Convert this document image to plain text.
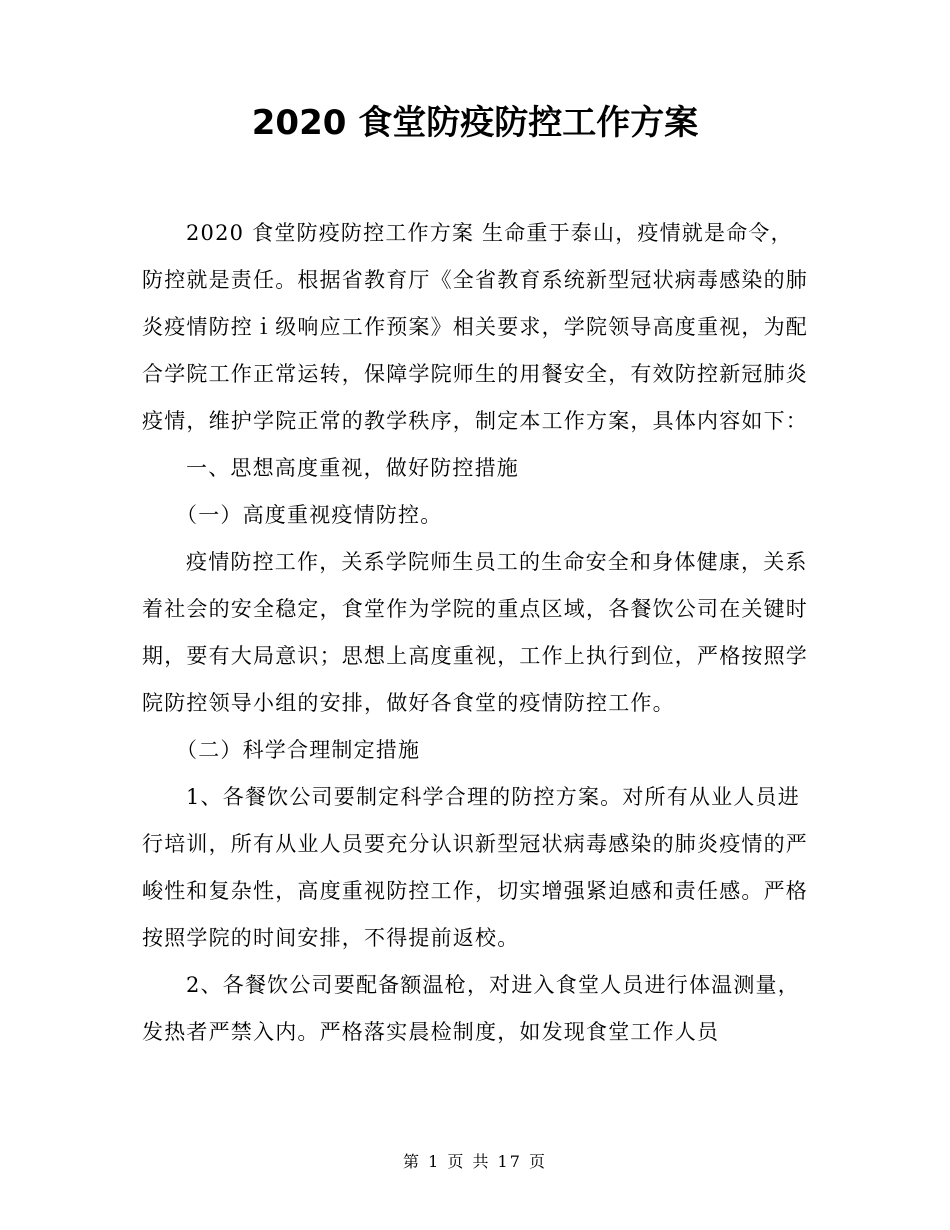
2020 食堂防疫防控工作方案

2020 食堂防疫防控工作方案 生命重于泰山，疫情就是命令，防控就是责任。根据省教育厅《全省教育系统新型冠状病毒感染的肺炎疫情防控ｉ级响应工作预案》相关要求，学院领导高度重视，为配合学院工作正常运转，保障学院师生的用餐安全，有效防控新冠肺炎疫情，维护学院正常的教学秩序，制定本工作方案，具体内容如下：

一、思想高度重视，做好防控措施

（一）高度重视疫情防控。

疫情防控工作，关系学院师生员工的生命安全和身体健康，关系着社会的安全稳定，食堂作为学院的重点区域，各餐饮公司在关键时期，要有大局意识；思想上高度重视，工作上执行到位，严格按照学院防控领导小组的安排，做好各食堂的疫情防控工作。

（二）科学合理制定措施

1、各餐饮公司要制定科学合理的防控方案。对所有从业人员进行培训，所有从业人员要充分认识新型冠状病毒感染的肺炎疫情的严峻性和复杂性，高度重视防控工作，切实增强紧迫感和责任感。严格按照学院的时间安排，不得提前返校。

2、各餐饮公司要配备额温枪，对进入食堂人员进行体温测量，发热者严禁入内。严格落实晨检制度，如发现食堂工作人员

第 1 页 共 17 页
